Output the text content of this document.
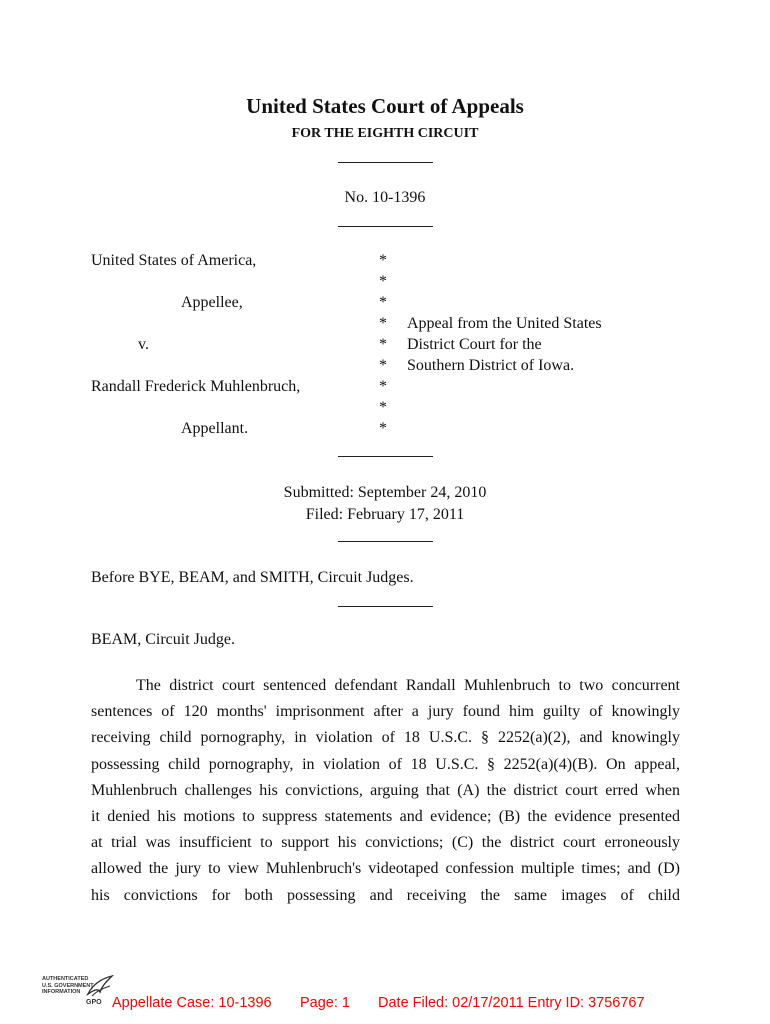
United States Court of Appeals
FOR THE EIGHTH CIRCUIT
No. 10-1396
United States of America,
Appellee,
v.
Randall Frederick Muhlenbruch,
Appellant.
*
*
*
*
*
*
*
*
*
Appeal from the United States
District Court for the
Southern District of Iowa.
Submitted: September 24, 2010
Filed: February 17, 2011
Before BYE, BEAM, and SMITH, Circuit Judges.
BEAM, Circuit Judge.
The district court sentenced defendant Randall Muhlenbruch to two concurrent
sentences of 120 months' imprisonment after a jury found him guilty of knowingly
receiving child pornography, in violation of 18 U.S.C. § 2252(a)(2), and knowingly
possessing child pornography, in violation of 18 U.S.C. § 2252(a)(4)(B). On appeal,
Muhlenbruch challenges his convictions, arguing that (A) the district court erred when
it denied his motions to suppress statements and evidence; (B) the evidence presented
at trial was insufficient to support his convictions; (C) the district court erroneously
allowed the jury to view Muhlenbruch's videotaped confession multiple times; and (D)
his convictions for both possessing and receiving the same images of child
AUTHENTICATED
U.S. GOVERNMENT
INFORMATION
GPO Appellate Case: 10-1396 Page: 1 Date Filed: 02/17/2011 Entry ID: 3756767
